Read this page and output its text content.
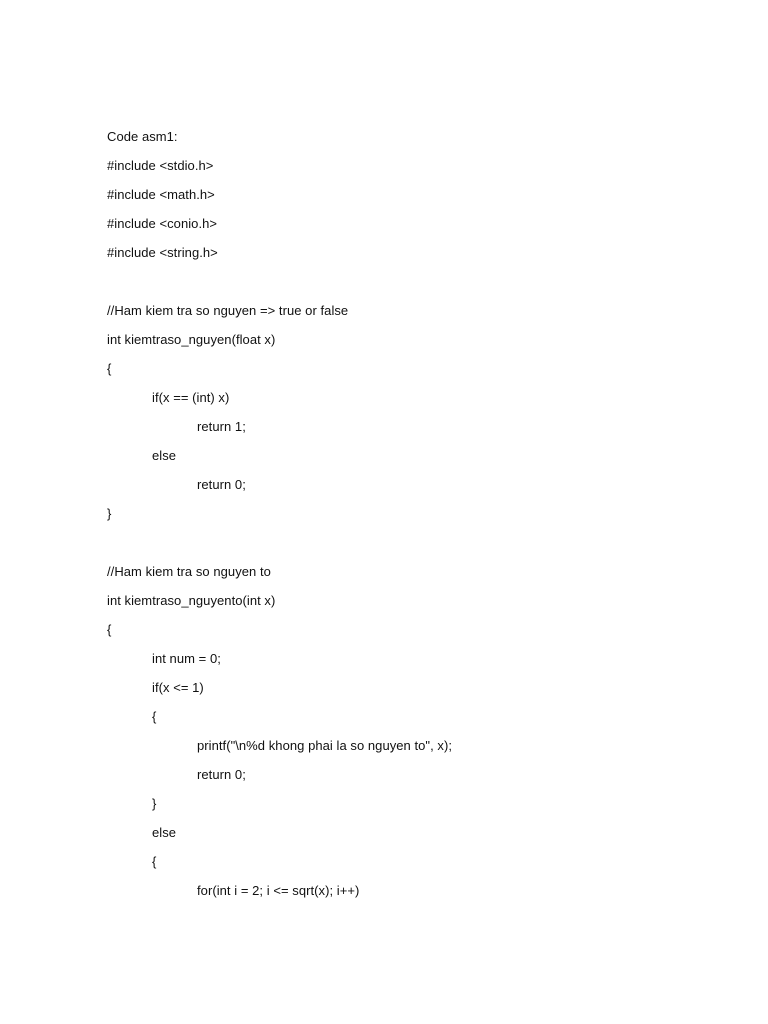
Code asm1:
#include <stdio.h>
#include <math.h>
#include <conio.h>
#include <string.h>
//Ham kiem tra so nguyen => true or false
int kiemtraso_nguyen(float x)
{
if(x == (int) x)
return 1;
else
return 0;
}
//Ham kiem tra so nguyen to
int kiemtraso_nguyento(int x)
{
int num = 0;
if(x <= 1)
{
printf("\n%d khong phai la so nguyen to", x);
return 0;
}
else
{
for(int i = 2; i <= sqrt(x); i++)
